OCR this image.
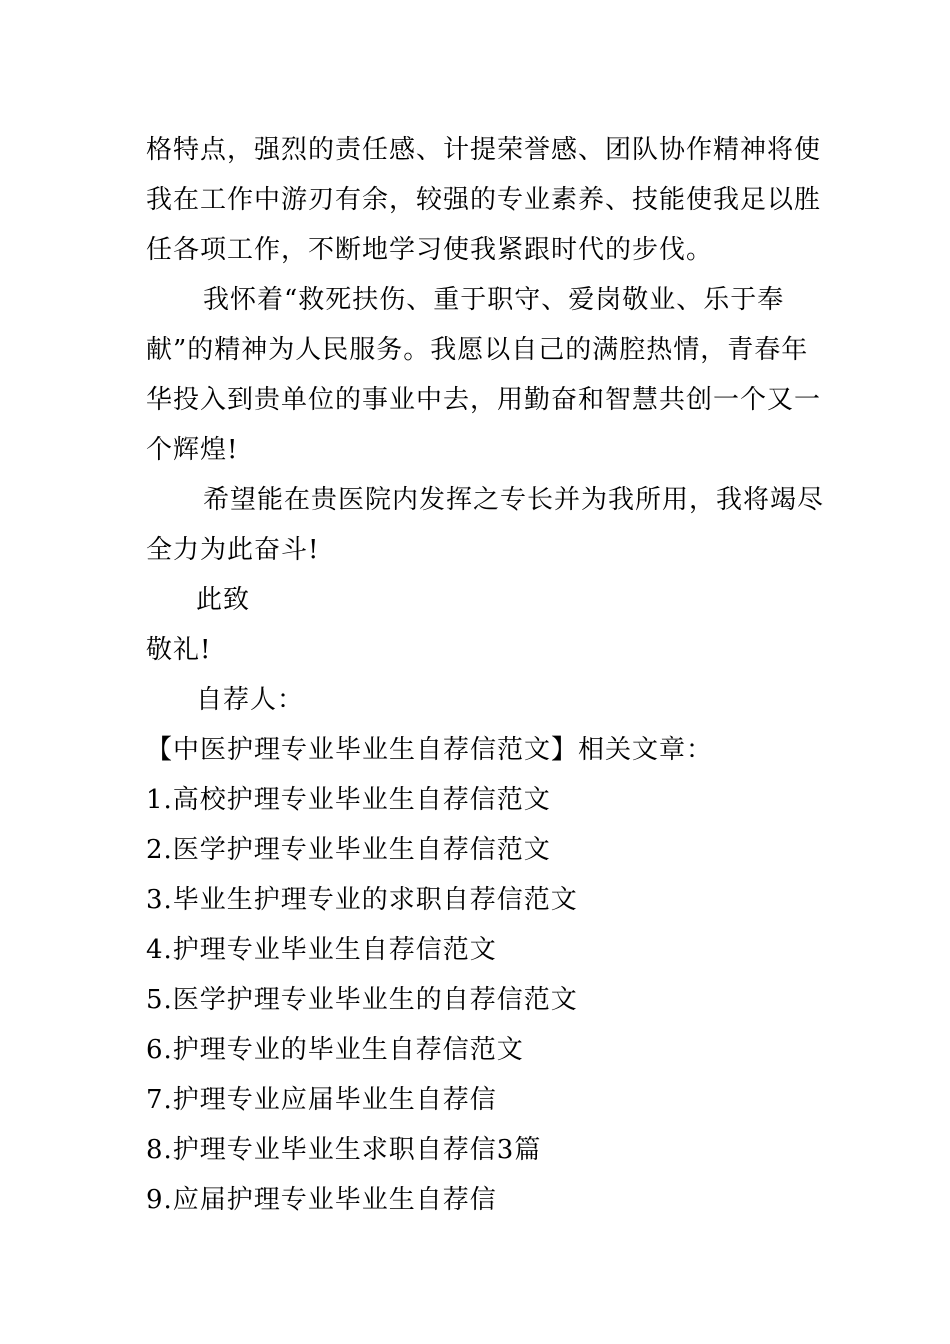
格特点，强烈的责任感、计提荣誉感、团队协作精神将使
我在工作中游刃有余，较强的专业素养、技能使我足以胜
任各项工作，不断地学习使我紧跟时代的步伐。
我怀着“救死扶伤、重于职守、爱岗敬业、乐于奉
献”的精神为人民服务。我愿以自己的满腔热情，青春年
华投入到贵单位的事业中去，用勤奋和智慧共创一个又一
个辉煌!
希望能在贵医院内发挥之专长并为我所用，我将竭尽
全力为此奋斗!
此致
敬礼!
自荐人：
【中医护理专业毕业生自荐信范文】相关文章：
1.高校护理专业毕业生自荐信范文
2.医学护理专业毕业生自荐信范文
3.毕业生护理专业的求职自荐信范文
4.护理专业毕业生自荐信范文
5.医学护理专业毕业生的自荐信范文
6.护理专业的毕业生自荐信范文
7.护理专业应届毕业生自荐信
8.护理专业毕业生求职自荐信3篇
9.应届护理专业毕业生自荐信
